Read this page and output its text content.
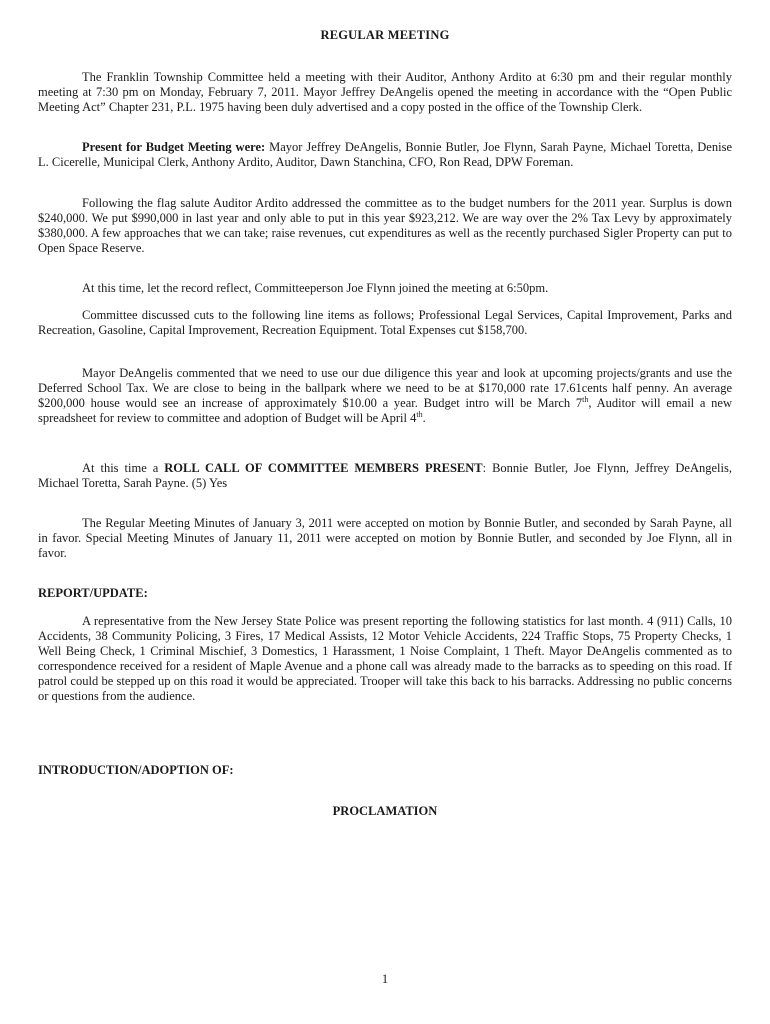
REGULAR MEETING

The Franklin Township Committee held a meeting with their Auditor, Anthony Ardito at 6:30 pm and their regular monthly meeting at 7:30 pm on Monday, February 7, 2011. Mayor Jeffrey DeAngelis opened the meeting in accordance with the “Open Public Meeting Act” Chapter 231, P.L. 1975 having been duly advertised and a copy posted in the office of the Township Clerk.

Present for Budget Meeting were: Mayor Jeffrey DeAngelis, Bonnie Butler, Joe Flynn, Sarah Payne, Michael Toretta, Denise L. Cicerelle, Municipal Clerk, Anthony Ardito, Auditor, Dawn Stanchina, CFO, Ron Read, DPW Foreman.

Following the flag salute Auditor Ardito addressed the committee as to the budget numbers for the 2011 year. Surplus is down $240,000. We put $990,000 in last year and only able to put in this year $923,212. We are way over the 2% Tax Levy by approximately $380,000. A few approaches that we can take; raise revenues, cut expenditures as well as the recently purchased Sigler Property can put to Open Space Reserve.

At this time, let the record reflect, Committeeperson Joe Flynn joined the meeting at 6:50pm.

Committee discussed cuts to the following line items as follows; Professional Legal Services, Capital Improvement, Parks and Recreation, Gasoline, Capital Improvement, Recreation Equipment. Total Expenses cut $158,700.

Mayor DeAngelis commented that we need to use our due diligence this year and look at upcoming projects/grants and use the Deferred School Tax. We are close to being in the ballpark where we need to be at $170,000 rate 17.61cents half penny. An average $200,000 house would see an increase of approximately $10.00 a year. Budget intro will be March 7th, Auditor will email a new spreadsheet for review to committee and adoption of Budget will be April 4th.

At this time a ROLL CALL OF COMMITTEE MEMBERS PRESENT: Bonnie Butler, Joe Flynn, Jeffrey DeAngelis, Michael Toretta, Sarah Payne. (5) Yes

The Regular Meeting Minutes of January 3, 2011 were accepted on motion by Bonnie Butler, and seconded by Sarah Payne, all in favor. Special Meeting Minutes of January 11, 2011 were accepted on motion by Bonnie Butler, and seconded by Joe Flynn, all in favor.

REPORT/UPDATE:

A representative from the New Jersey State Police was present reporting the following statistics for last month. 4 (911) Calls, 10 Accidents, 38 Community Policing, 3 Fires, 17 Medical Assists, 12 Motor Vehicle Accidents, 224 Traffic Stops, 75 Property Checks, 1 Well Being Check, 1 Criminal Mischief, 3 Domestics, 1 Harassment, 1 Noise Complaint, 1 Theft. Mayor DeAngelis commented as to correspondence received for a resident of Maple Avenue and a phone call was already made to the barracks as to speeding on this road. If patrol could be stepped up on this road it would be appreciated. Trooper will take this back to his barracks. Addressing no public concerns or questions from the audience.

INTRODUCTION/ADOPTION OF:
PROCLAMATION
1
